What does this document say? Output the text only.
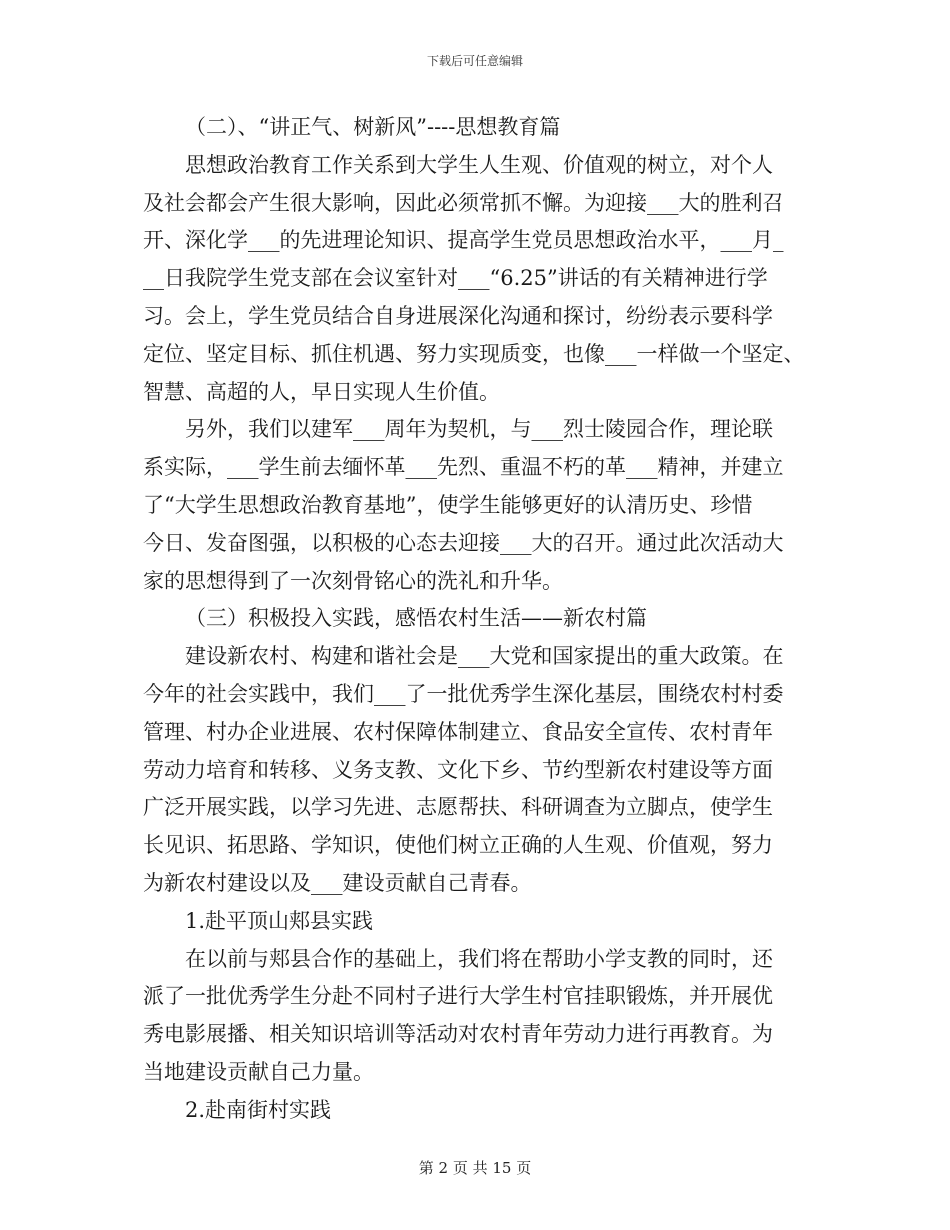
下载后可任意编辑
（二）、“讲正气、树新风”----思想教育篇
思想政治教育工作关系到大学生人生观、价值观的树立，对个人
及社会都会产生很大影响，因此必须常抓不懈。为迎接___大的胜利召
开、深化学___的先进理论知识、提高学生党员思想政治水平，___月_
__日我院学生党支部在会议室针对___“6.25”讲话的有关精神进行学
习。会上，学生党员结合自身进展深化沟通和探讨，纷纷表示要科学
定位、坚定目标、抓住机遇、努力实现质变，也像___一样做一个坚定、
智慧、高超的人，早日实现人生价值。
另外，我们以建军___周年为契机，与___烈士陵园合作，理论联
系实际，___学生前去缅怀革___先烈、重温不朽的革___精神，并建立
了“大学生思想政治教育基地”，使学生能够更好的认清历史、珍惜
今日、发奋图强，以积极的心态去迎接___大的召开。通过此次活动大
家的思想得到了一次刻骨铭心的洗礼和升华。
（三）积极投入实践，感悟农村生活——新农村篇
建设新农村、构建和谐社会是___大党和国家提出的重大政策。在
今年的社会实践中，我们___了一批优秀学生深化基层，围绕农村村委
管理、村办企业进展、农村保障体制建立、食品安全宣传、农村青年
劳动力培育和转移、义务支教、文化下乡、节约型新农村建设等方面
广泛开展实践，以学习先进、志愿帮扶、科研调查为立脚点，使学生
长见识、拓思路、学知识，使他们树立正确的人生观、价值观，努力
为新农村建设以及___建设贡献自己青春。
1.赴平顶山郏县实践
在以前与郏县合作的基础上，我们将在帮助小学支教的同时，还
派了一批优秀学生分赴不同村子进行大学生村官挂职锻炼，并开展优
秀电影展播、相关知识培训等活动对农村青年劳动力进行再教育。为
当地建设贡献自己力量。
2.赴南街村实践
第 2 页 共 15 页
